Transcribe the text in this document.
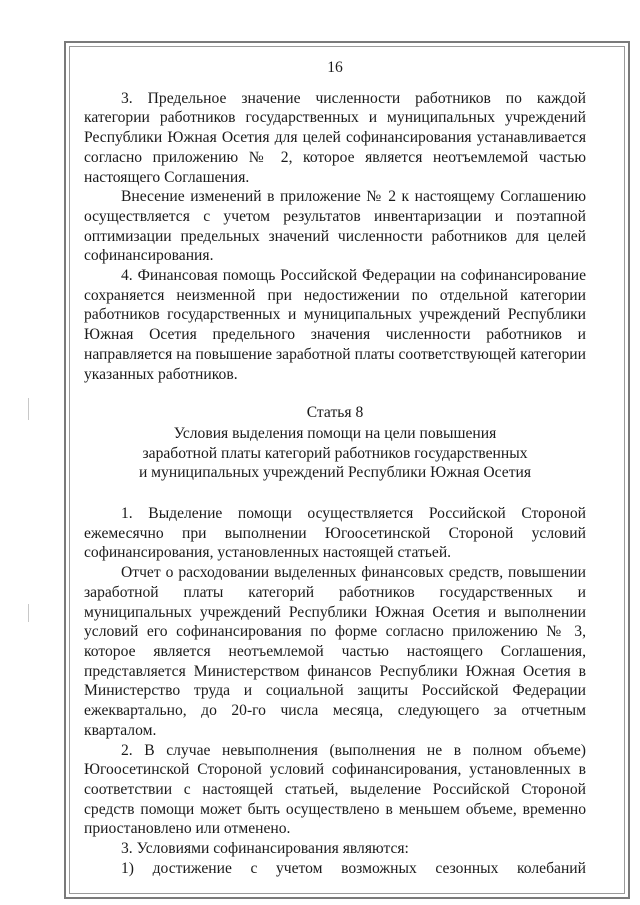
16

3. Предельное значение численности работников по каждой категории работников государственных и муниципальных учреждений Республики Южная Осетия для целей софинансирования устанавливается согласно приложению № 2, которое является неотъемлемой частью настоящего Соглашения.

Внесение изменений в приложение № 2 к настоящему Соглашению осуществляется с учетом результатов инвентаризации и поэтапной оптимизации предельных значений численности работников для целей софинансирования.

4. Финансовая помощь Российской Федерации на софинансирование сохраняется неизменной при недостижении по отдельной категории работников государственных и муниципальных учреждений Республики Южная Осетия предельного значения численности работников и направляется на повышение заработной платы соответствующей категории указанных работников.

Статья 8
Условия выделения помощи на цели повышения
заработной платы категорий работников государственных
и муниципальных учреждений Республики Южная Осетия

1. Выделение помощи осуществляется Российской Стороной ежемесячно при выполнении Югоосетинской Стороной условий софинансирования, установленных настоящей статьей.

Отчет о расходовании выделенных финансовых средств, повышении заработной платы категорий работников государственных и муниципальных учреждений Республики Южная Осетия и выполнении условий его софинансирования по форме согласно приложению № 3, которое является неотъемлемой частью настоящего Соглашения, представляется Министерством финансов Республики Южная Осетия в Министерство труда и социальной защиты Российской Федерации ежеквартально, до 20-го числа месяца, следующего за отчетным кварталом.

2. В случае невыполнения (выполнения не в полном объеме) Югоосетинской Стороной условий софинансирования, установленных в соответствии с настоящей статьей, выделение Российской Стороной средств помощи может быть осуществлено в меньшем объеме, временно приостановлено или отменено.

3. Условиями софинансирования являются:

1) достижение с учетом возможных сезонных колебаний
